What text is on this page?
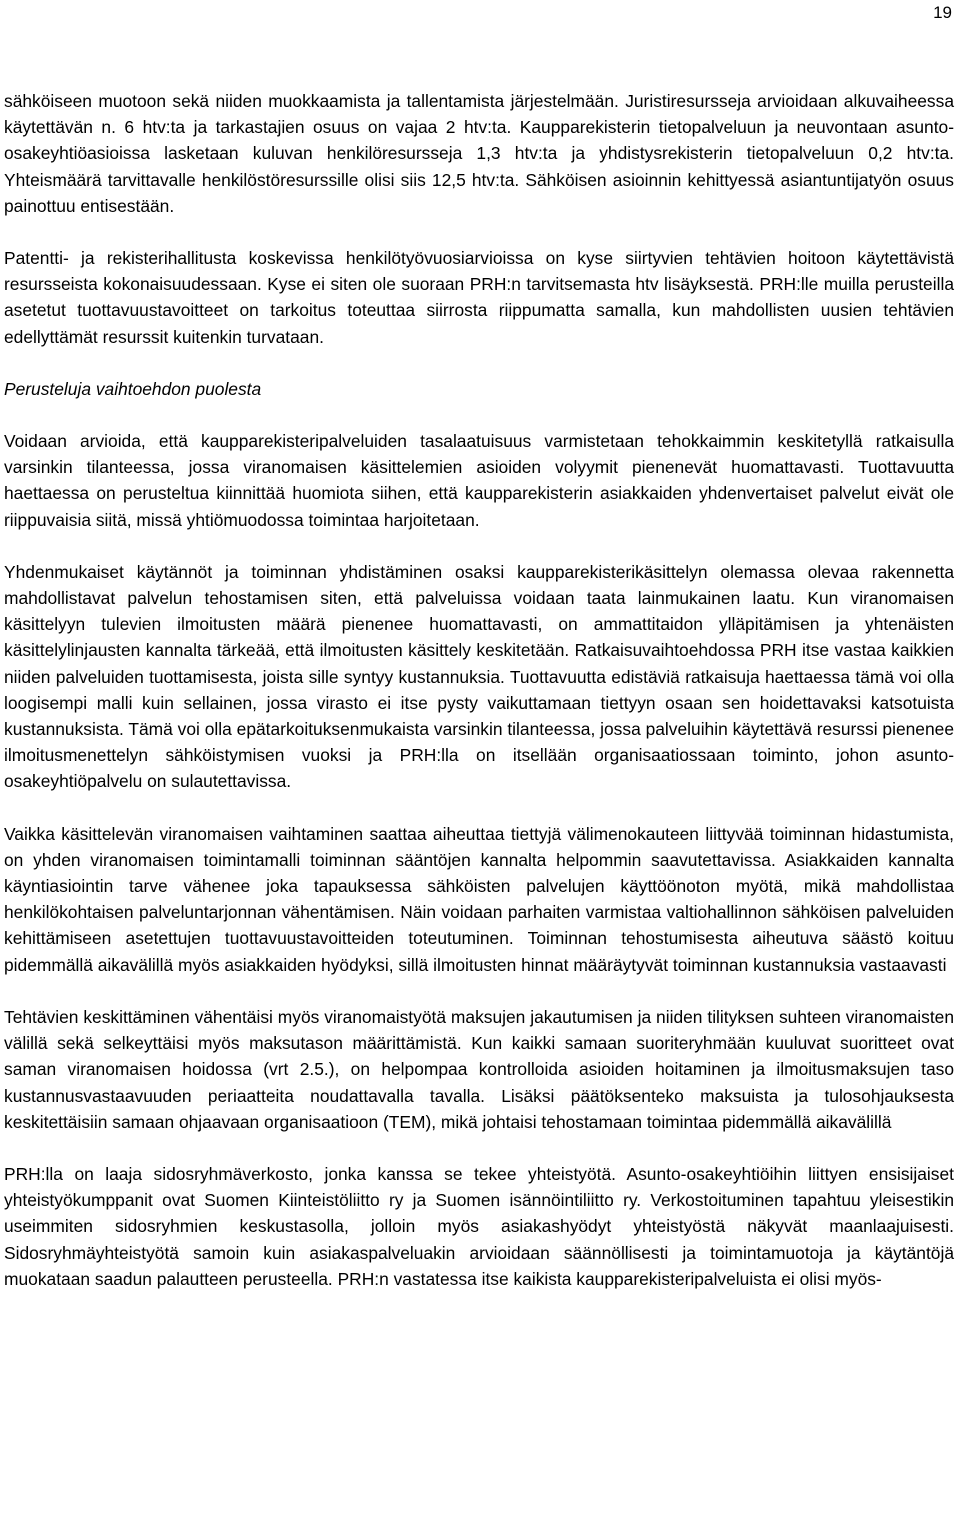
19

sähköiseen muotoon sekä niiden muokkaamista ja tallentamista järjestelmään. Juristiresursseja arvioidaan alkuvaiheessa käytettävän n. 6 htv:ta ja tarkastajien osuus on vajaa 2 htv:ta. Kaupparekisterin tietopalveluun ja neuvontaan asunto-osakeyhtiöasioissa lasketaan kuluvan henkilöresursseja 1,3 htv:ta ja yhdistysrekisterin tietopalveluun 0,2 htv:ta. Yhteismäärä tarvittavalle henkilöstöresurssille olisi siis 12,5 htv:ta. Sähköisen asioinnin kehittyessä asiantuntijatyön osuus painottuu entisestään.

Patentti- ja rekisterihallitusta koskevissa henkilötyövuosiarvioissa on kyse siirtyvien tehtävien hoitoon käytettävistä resursseista kokonaisuudessaan. Kyse ei siten ole suoraan PRH:n tarvitsemasta htv lisäyksestä. PRH:lle muilla perusteilla asetetut tuottavuustavoitteet on tarkoitus toteuttaa siirrosta riippumatta samalla, kun mahdollisten uusien tehtävien edellyttämät resurssit kuitenkin turvataan.

Perusteluja vaihtoehdon puolesta

Voidaan arvioida, että kaupparekisteripalveluiden tasalaatuisuus varmistetaan tehokkaimmin keskitetyllä ratkaisulla varsinkin tilanteessa, jossa viranomaisen käsittelemien asioiden volyymit pienenevät huomattavasti. Tuottavuutta haettaessa on perusteltua kiinnittää huomiota siihen, että kaupparekisterin asiakkaiden yhdenvertaiset palvelut eivät ole riippuvaisia siitä, missä yhtiömuodossa toimintaa harjoitetaan.

Yhdenmukaiset käytännöt ja toiminnan yhdistäminen osaksi kaupparekisterikäsittelyn olemassa olevaa rakennetta mahdollistavat palvelun tehostamisen siten, että palveluissa voidaan taata lainmukainen laatu. Kun viranomaisen käsittelyyn tulevien ilmoitusten määrä pienenee huomattavasti, on ammattitaidon ylläpitämisen ja yhtenäisten käsittelylinjausten kannalta tärkeää, että ilmoitusten käsittely keskitetään. Ratkaisuvaihtoehdossa PRH itse vastaa kaikkien niiden palveluiden tuottamisesta, joista sille syntyy kustannuksia. Tuottavuutta edistäviä ratkaisuja haettaessa tämä voi olla loogisempi malli kuin sellainen, jossa virasto ei itse pysty vaikuttamaan tiettyyn osaan sen hoidettavaksi katsotuista kustannuksista. Tämä voi olla epätarkoituksenmukaista varsinkin tilanteessa, jossa palveluihin käytettävä resurssi pienenee ilmoitusmenettelyn sähköistymisen vuoksi ja PRH:lla on itsellään organisaatiossaan toiminto, johon asunto-osakeyhtiöpalvelu on sulautettavissa.

Vaikka käsittelevän viranomaisen vaihtaminen saattaa aiheuttaa tiettyjä välimenokauteen liittyvää toiminnan hidastumista, on yhden viranomaisen toimintamalli toiminnan sääntöjen kannalta helpommin saavutettavissa. Asiakkaiden kannalta käyntiasiointin tarve vähenee joka tapauksessa sähköisten palvelujen käyttöönoton myötä, mikä mahdollistaa henkilökohtaisen palveluntarjonnan vähentämisen. Näin voidaan parhaiten varmistaa valtiohallinnon sähköisen palveluiden kehittämiseen asetettujen tuottavuustavoitteiden toteutuminen. Toiminnan tehostumisesta aiheutuva säästö koituu pidemmällä aikavälillä myös asiakkaiden hyödyksi, sillä ilmoitusten hinnat määräytyvät toiminnan kustannuksia vastaavasti

Tehtävien keskittäminen vähentäisi myös viranomaistyötä maksujen jakautumisen ja niiden tilityksen suhteen viranomaisten välillä sekä selkeyttäisi myös maksutason määrittämistä. Kun kaikki samaan suoriteryhmään kuuluvat suoritteet ovat saman viranomaisen hoidossa (vrt 2.5.), on helpompaa kontrolloida asioiden hoitaminen ja ilmoitusmaksujen taso kustannusvastaavuuden periaatteita noudattavalla tavalla. Lisäksi päätöksenteko maksuista ja tulosohjauksesta keskitettäisiin samaan ohjaavaan organisaatioon (TEM), mikä johtaisi tehostamaan toimintaa pidemmällä aikavälillä

PRH:lla on laaja sidosryhmäverkosto, jonka kanssa se tekee yhteistyötä. Asunto-osakeyhtiöihin liittyen ensisijaiset yhteistyökumppanit ovat Suomen Kiinteistöliitto ry ja Suomen isännöintiliitto ry. Verkostoituminen tapahtuu yleisestikin useimmiten sidosryhmien keskustasolla, jolloin myös asiakashyödyt yhteistyöstä näkyvät maanlaajuisesti. Sidosryhmäyhteistyötä samoin kuin asiakaspalveluakin arvioidaan säännöllisesti ja toimintamuotoja ja käytäntöjä muokataan saadun palautteen perusteella. PRH:n vastatessa itse kaikista kaupparekisteripalveluista ei olisi myös-
